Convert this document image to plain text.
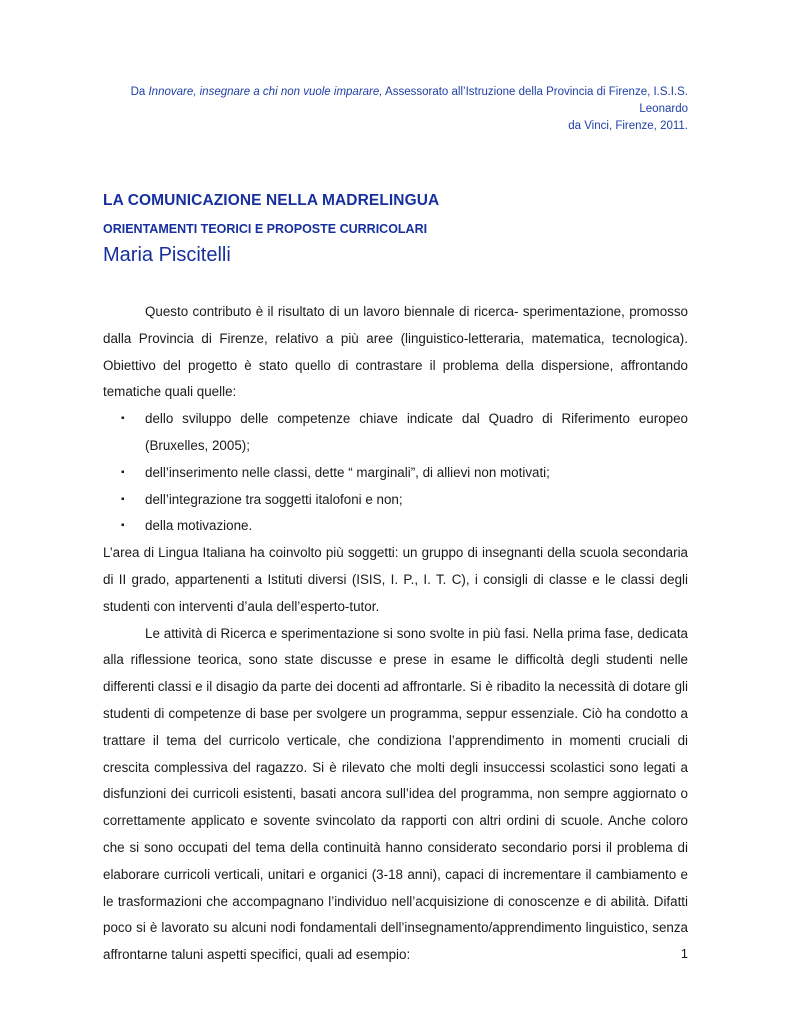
Da Innovare, insegnare a chi non vuole imparare, Assessorato all’Istruzione della Provincia di Firenze, I.S.I.S. Leonardo
da Vinci, Firenze, 2011.
LA COMUNICAZIONE NELLA MADRELINGUA
ORIENTAMENTI TEORICI E PROPOSTE CURRICOLARI
Maria Piscitelli

Questo contributo è il risultato di un lavoro biennale di ricerca- sperimentazione, promosso dalla Provincia di Firenze, relativo a più aree (linguistico-letteraria, matematica, tecnologica). Obiettivo del progetto è stato quello di contrastare il problema della dispersione, affrontando tematiche quali quelle:

▪ dello sviluppo delle competenze chiave indicate dal Quadro di Riferimento europeo (Bruxelles, 2005);
▪ dell’inserimento nelle classi, dette “ marginali”, di allievi non motivati;
▪ dell’integrazione tra soggetti italofoni e non;
▪ della motivazione.

L’area di Lingua Italiana ha coinvolto più soggetti: un gruppo di insegnanti della scuola secondaria di II grado, appartenenti a Istituti diversi (ISIS, I. P., I. T. C), i consigli di classe e le classi degli studenti con interventi d’aula dell’esperto-tutor.

Le attività di Ricerca e sperimentazione si sono svolte in più fasi. Nella prima fase, dedicata alla riflessione teorica, sono state discusse e prese in esame le difficoltà degli studenti nelle differenti classi e il disagio da parte dei docenti ad affrontarle. Si è ribadito la necessità di dotare gli studenti di competenze di base per svolgere un programma, seppur essenziale. Ciò ha condotto a trattare il tema del curricolo verticale, che condiziona l’apprendimento in momenti cruciali di crescita complessiva del ragazzo. Si è rilevato che molti degli insuccessi scolastici sono legati a disfunzioni dei curricoli esistenti, basati ancora sull’idea del programma, non sempre aggiornato o correttamente applicato e sovente svincolato da rapporti con altri ordini di scuole. Anche coloro che si sono occupati del tema della continuità hanno considerato secondario porsi il problema di elaborare curricoli verticali, unitari e organici (3-18 anni), capaci di incrementare il cambiamento e le trasformazioni che accompagnano l’individuo nell’acquisizione di conoscenze e di abilità. Difatti poco si è lavorato su alcuni nodi fondamentali dell’insegnamento/apprendimento linguistico, senza affrontarne taluni aspetti specifici, quali ad esempio:	1
